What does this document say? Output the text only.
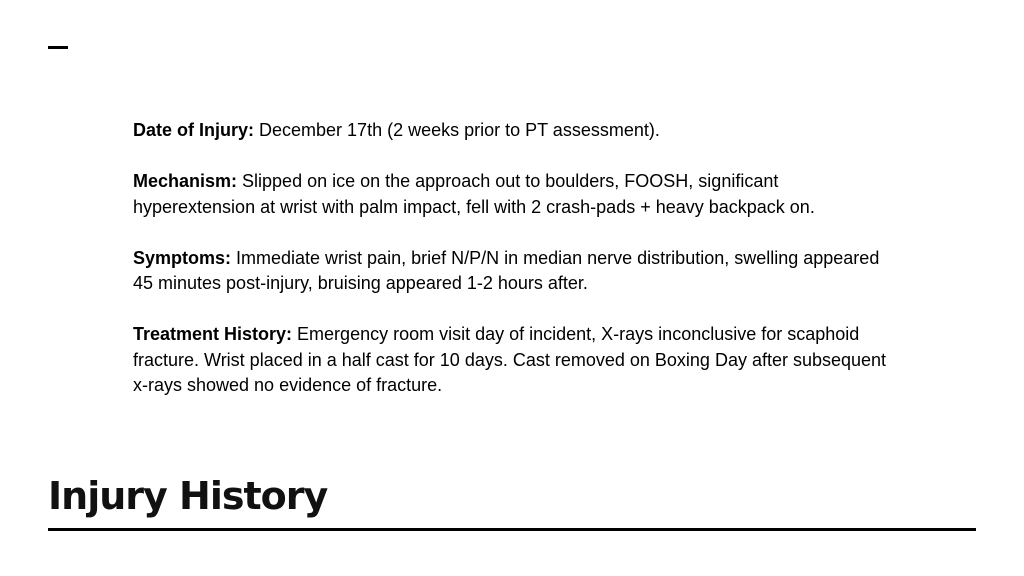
Date of Injury: December 17th (2 weeks prior to PT assessment).

Mechanism: Slipped on ice on the approach out to boulders, FOOSH, significant hyperextension at wrist with palm impact, fell with 2 crash-pads + heavy backpack on.

Symptoms: Immediate wrist pain, brief N/P/N in median nerve distribution, swelling appeared 45 minutes post-injury, bruising appeared 1-2 hours after.

Treatment History: Emergency room visit day of incident, X-rays inconclusive for scaphoid fracture. Wrist placed in a half cast for 10 days. Cast removed on Boxing Day after subsequent x-rays showed no evidence of fracture.

Injury History
